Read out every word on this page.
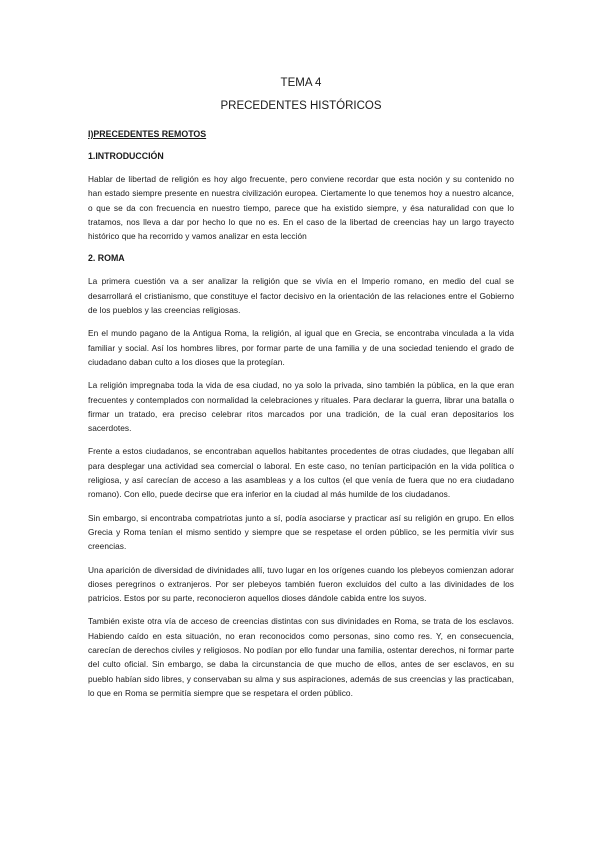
TEMA 4
PRECEDENTES HISTÓRICOS
I)PRECEDENTES REMOTOS
1.INTRODUCCIÓN

Hablar de libertad de religión es hoy algo frecuente, pero conviene recordar que esta noción y su contenido no han estado siempre presente en nuestra civilización europea. Ciertamente lo que tenemos hoy a nuestro alcance, o que se da con frecuencia en nuestro tiempo, parece que ha existido siempre, y ésa naturalidad con que lo tratamos, nos lleva a dar por hecho lo que no es. En el caso de la libertad de creencias hay un largo trayecto histórico que ha recorrido y vamos analizar en esta lección

2. ROMA

La primera cuestión va a ser analizar la religión que se vivía en el Imperio romano, en medio del cual se desarrollará el cristianismo, que constituye el factor decisivo en la orientación de las relaciones entre el Gobierno de los pueblos y las creencias religiosas.

En el mundo pagano de la Antigua Roma, la religión, al igual que en Grecia, se encontraba vinculada a la vida familiar y social. Así los hombres libres, por formar parte de una familia y de una sociedad teniendo el grado de ciudadano daban culto a los dioses que la protegían.

La religión impregnaba toda la vida de esa ciudad, no ya solo la privada, sino también la pública, en la que eran frecuentes y contemplados con normalidad la celebraciones y rituales. Para declarar la guerra, librar una batalla o firmar un tratado, era preciso celebrar ritos marcados por una tradición, de la cual eran depositarios los sacerdotes.

Frente a estos ciudadanos, se encontraban aquellos habitantes procedentes de otras ciudades, que llegaban allí para desplegar una actividad sea comercial o laboral. En este caso, no tenían participación en la vida política o religiosa, y así carecían de acceso a las asambleas y a los cultos (el que venía de fuera que no era ciudadano romano). Con ello, puede decirse que era inferior en la ciudad al más humilde de los ciudadanos.

Sin embargo, si encontraba compatriotas junto a sí, podía asociarse y practicar así su religión en grupo. En ellos Grecia y Roma tenían el mismo sentido y siempre que se respetase el orden público, se les permitía vivir sus creencias.

Una aparición de diversidad de divinidades allí, tuvo lugar en los orígenes cuando los plebeyos comienzan adorar dioses peregrinos o extranjeros. Por ser plebeyos también fueron excluidos del culto a las divinidades de los patricios. Estos por su parte, reconocieron aquellos dioses dándole cabida entre los suyos.

También existe otra vía de acceso de creencias distintas con sus divinidades en Roma, se trata de los esclavos. Habiendo caído en esta situación, no eran reconocidos como personas, sino como res. Y, en consecuencia, carecían de derechos civiles y religiosos. No podían por ello fundar una familia, ostentar derechos, ni formar parte del culto oficial. Sin embargo, se daba la circunstancia de que mucho de ellos, antes de ser esclavos, en su pueblo habían sido libres, y conservaban su alma y sus aspiraciones, además de sus creencias y las practicaban, lo que en Roma se permitía siempre que se respetara el orden público.
